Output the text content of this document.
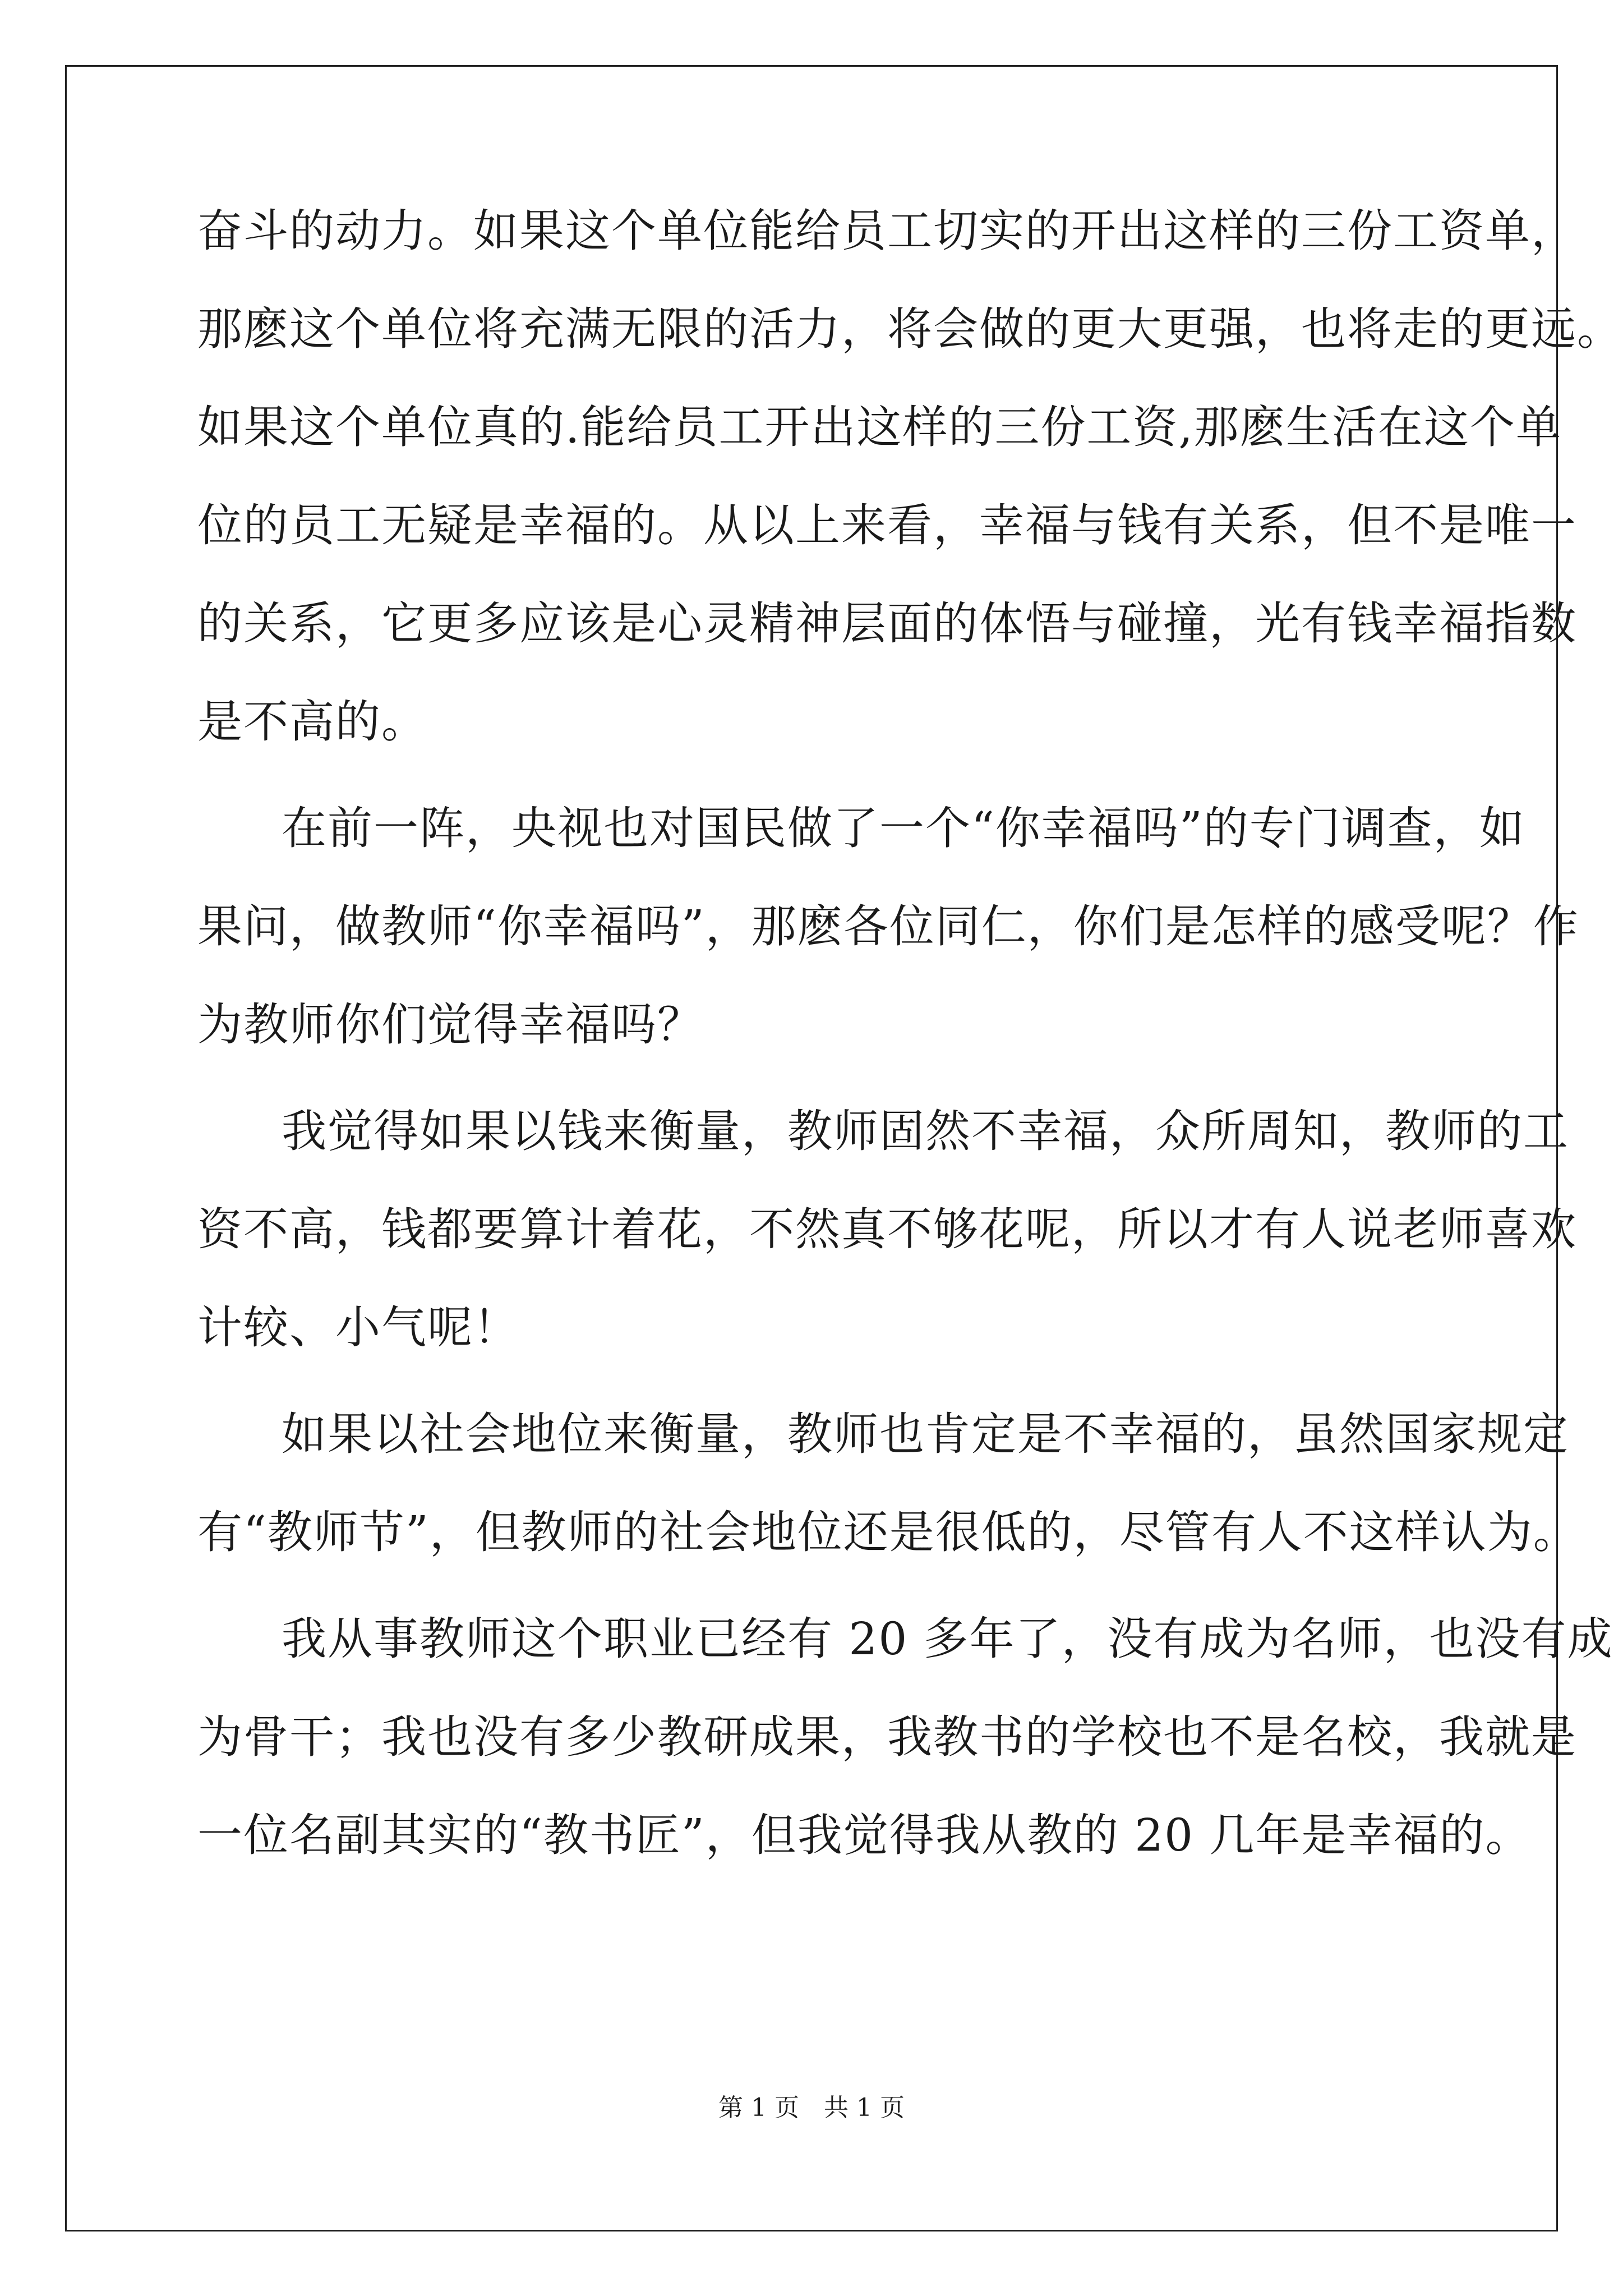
奋斗的动力。如果这个单位能给员工切实的开出这样的三份工资单，
那麽这个单位将充满无限的活力，将会做的更大更强，也将走的更远。
如果这个单位真的.能给员工开出这样的三份工资,那麽生活在这个单
位的员工无疑是幸福的。从以上来看，幸福与钱有关系，但不是唯一
的关系，它更多应该是心灵精神层面的体悟与碰撞，光有钱幸福指数
是不高的。
在前一阵，央视也对国民做了一个“你幸福吗”的专门调查，如
果问，做教师“你幸福吗”，那麽各位同仁，你们是怎样的感受呢？作
为教师你们觉得幸福吗？
我觉得如果以钱来衡量，教师固然不幸福，众所周知，教师的工
资不高，钱都要算计着花，不然真不够花呢，所以才有人说老师喜欢
计较、小气呢！
如果以社会地位来衡量，教师也肯定是不幸福的，虽然国家规定
有“教师节”，但教师的社会地位还是很低的，尽管有人不这样认为。
我从事教师这个职业已经有 20 多年了，没有成为名师，也没有成
为骨干；我也没有多少教研成果，我教书的学校也不是名校，我就是
一位名副其实的“教书匠”，但我觉得我从教的 20 几年是幸福的。
第 1 页　共 1 页
